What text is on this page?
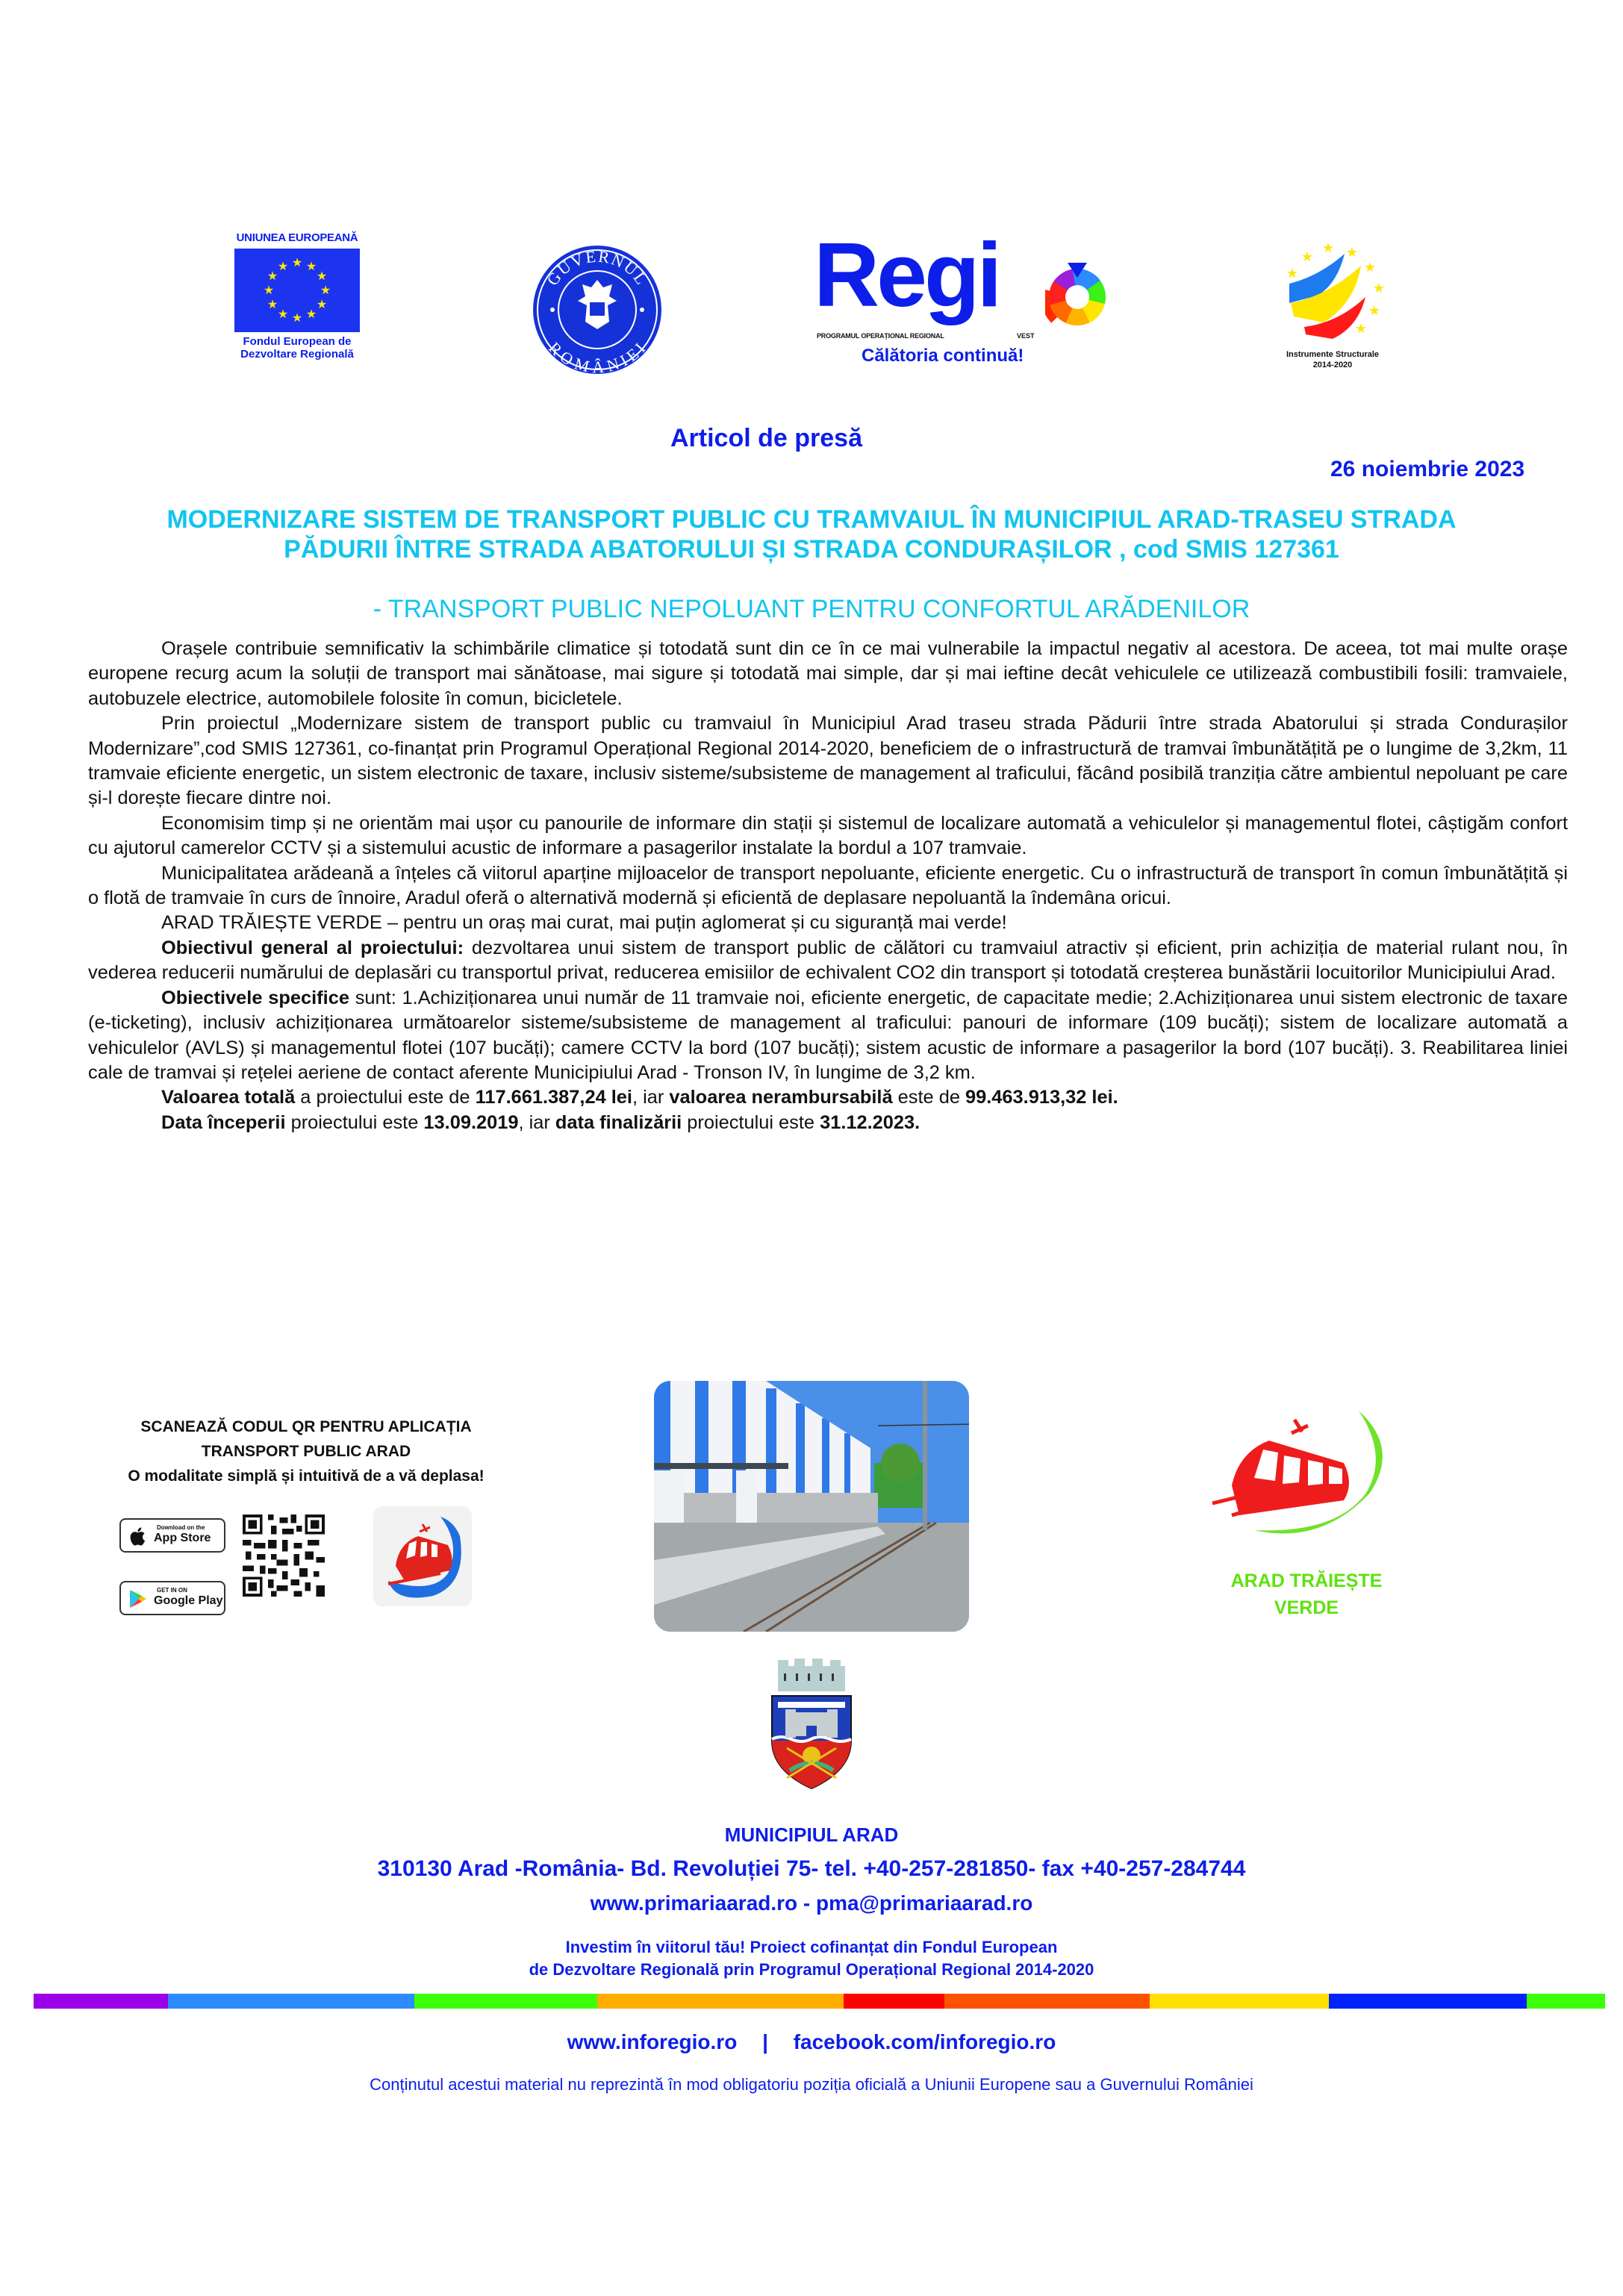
UNIUNEA EUROPEANĂ
★ ★
★
★
★
★
★
★
★
★
★
★
Fondul European de
Dezvoltare Regională
GUVERNUL
ROMÂNIEI
Regi
PROGRAMUL OPERAȚIONAL REGIONAL	VEST
Călătoria continuă!
★
★
★ ★
★
★
★
★
Instrumente Structurale
2014-2020
Articol de presă
26 noiembrie 2023
MODERNIZARE SISTEM DE TRANSPORT PUBLIC CU TRAMVAIUL ÎN MUNICIPIUL ARAD-TRASEU STRADA
PĂDURII ÎNTRE STRADA ABATORULUI ȘI STRADA CONDURAȘILOR , cod SMIS 127361
- TRANSPORT PUBLIC NEPOLUANT PENTRU CONFORTUL ARĂDENILOR

Orașele contribuie semnificativ la schimbările climatice și totodată sunt din ce în ce mai vulnerabile la impactul negativ al acestora. De aceea, tot mai multe orașe europene recurg acum la soluții de transport mai sănătoase, mai sigure și totodată mai simple, dar și mai ieftine decât vehiculele ce utilizează combustibili fosili: tramvaiele, autobuzele electrice, automobilele folosite în comun, bicicletele.

Prin proiectul „Modernizare sistem de transport public cu tramvaiul în Municipiul Arad traseu strada Pădurii între strada Abatorului și strada Condurașilor Modernizare”,cod SMIS 127361, co-finanțat prin Programul Operațional Regional 2014-2020, beneficiem de o infrastructură de tramvai îmbunătățită pe o lungime de 3,2km, 11 tramvaie eficiente energetic, un sistem electronic de taxare, inclusiv sisteme/subsisteme de management al traficului, făcând posibilă tranziția către ambientul nepoluant pe care și-l dorește fiecare dintre noi.

Economisim timp și ne orientăm mai ușor cu panourile de informare din stații și sistemul de localizare automată a vehiculelor și managementul flotei, câștigăm confort cu ajutorul camerelor CCTV și a sistemului acustic de informare a pasagerilor instalate la bordul a 107 tramvaie.

Municipalitatea arădeană a înțeles că viitorul aparține mijloacelor de transport nepoluante, eficiente energetic. Cu o infrastructură de transport în comun îmbunătățită și o flotă de tramvaie în curs de înnoire, Aradul oferă o alternativă modernă și eficientă de deplasare nepoluantă la îndemâna oricui.

ARAD TRĂIEȘTE VERDE – pentru un oraș mai curat, mai puțin aglomerat și cu siguranță mai verde!

Obiectivul general al proiectului: dezvoltarea unui sistem de transport public de călători cu tramvaiul atractiv și eficient, prin achiziția de material rulant nou, în vederea reducerii numărului de deplasări cu transportul privat, reducerea emisiilor de echivalent CO2 din transport și totodată creșterea bunăstării locuitorilor Municipiului Arad.

Obiectivele specifice sunt: 1.Achiziționarea unui număr de 11 tramvaie noi, eficiente energetic, de capacitate medie; 2.Achiziționarea unui sistem electronic de taxare (e-ticketing), inclusiv achiziționarea următoarelor sisteme/subsisteme de management al traficului: panouri de informare (109 bucăți); sistem de localizare automată a vehiculelor (AVLS) și managementul flotei (107 bucăți); camere CCTV la bord (107 bucăți); sistem acustic de informare a pasagerilor la bord (107 bucăți). 3. Reabilitarea liniei cale de tramvai și rețelei aeriene de contact aferente Municipiului Arad - Tronson IV, în lungime de 3,2 km.

Valoarea totală a proiectului este de 117.661.387,24 lei, iar valoarea nerambursabilă este de 99.463.913,32 lei.

Data începerii proiectului este 13.09.2019, iar data finalizării proiectului este 31.12.2023.

SCANEAZĂ CODUL QR PENTRU APLICAȚIA
TRANSPORT PUBLIC ARAD
O modalitate simplă și intuitivă de a vă deplasa!
Download on the
App Store
GET IN ON
Google Play
ARAD TRĂIEȘTE
VERDE
MUNICIPIUL ARAD
310130 Arad -România- Bd. Revoluției 75- tel. +40-257-281850- fax +40-257-284744
www.primariaarad.ro - pma@primariaarad.ro
Investim în viitorul tău! Proiect cofinanțat din Fondul European
de Dezvoltare Regională prin Programul Operațional Regional 2014-2020
www.inforegio.ro | facebook.com/inforegio.ro
Conținutul acestui material nu reprezintă în mod obligatoriu poziția oficială a Uniunii Europene sau a Guvernului României
